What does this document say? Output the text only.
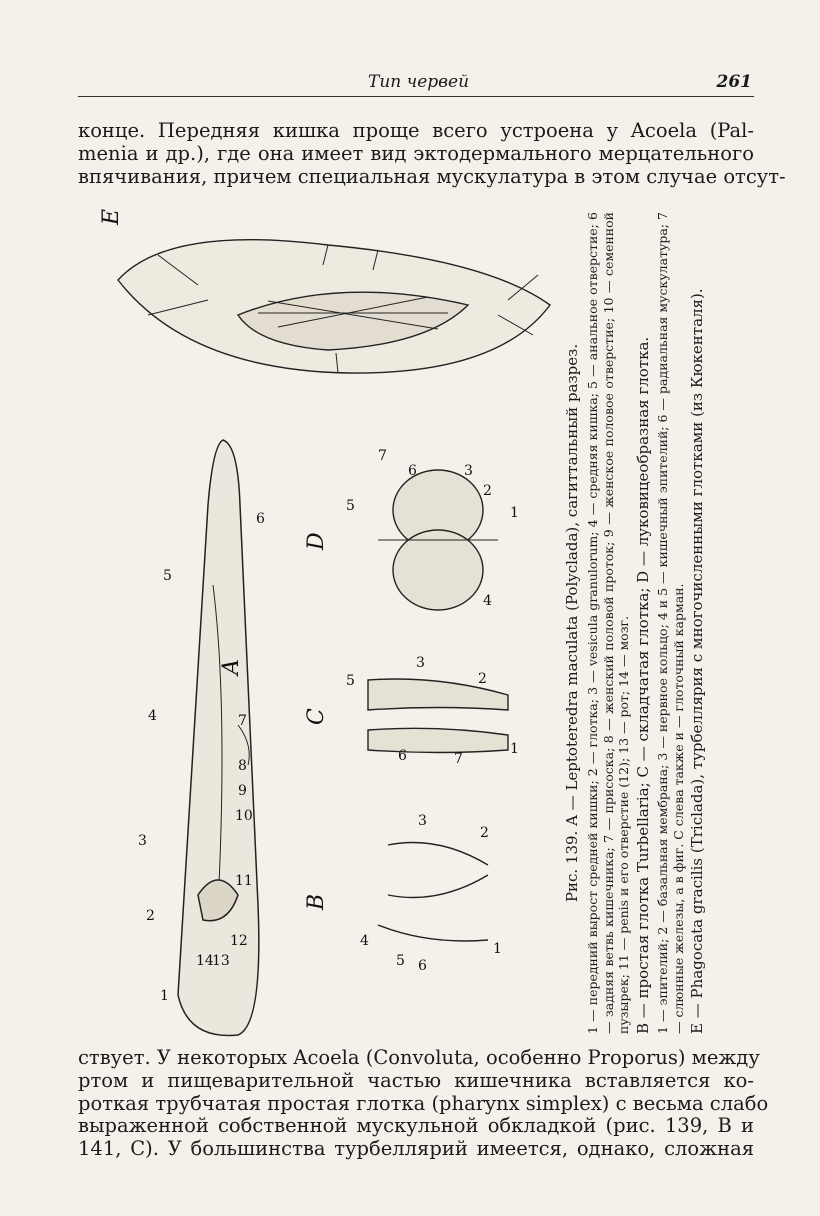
Тип червей	261
конце. Передняя кишка проще всего устроена у Acoela (Pal-
menia и др.), где она имеет вид эктодермального мерцательного
впячивания, причем специальная мускулатура в этом случае отсут-
A
B
C
D
E
1
2
3
4
5
6
7
8
9
10
11
12
13
14
1
2
3
4
5 6
1
2
3
5
6	7
1
2
3
4
5
6
7	Рис. 139. A — Leptoteredra maculata (Polyclada), сагиттальный разрез. 1 — передний вырост средней кишки; 2 — глотка; 3 — vesicula granulorum; 4 — средняя кишка; 5 — анальное отверстие; 6 — задняя ветвь кишечника; 7 — присоска; 8 — женский половой проток; 9 — женское половое отверстие; 10 — семенной пузырек; 11 — penis и его отверстие (12); 13 — рот; 14 — мозг. B — простая глотка Turbellaria; C — складчатая глотка; D — луковицеобразная глотка. 1 — эпителий; 2 — базальная мембрана; 3 — нервное кольцо; 4 и 5 — кишечный эпителий; 6 — радиальная мускулатура; 7 — слюнные железы, а в фиг. C слева также и — глоточный карман. E — Phagocata gracilis (Tricladа), турбеллярия с многочисленными глотками (из Кюкенталя).
ствует. У некоторых Acoela (Convoluta, особенно Proporus) между
ртом и пищеварительной частью кишечника вставляется ко-
роткая трубчатая простая глотка (pharynx simplex) с весьма слабо
выраженной собственной мускульной обкладкой (рис. 139, B и
141, C). У большинства турбеллярий имеется, однако, сложная
